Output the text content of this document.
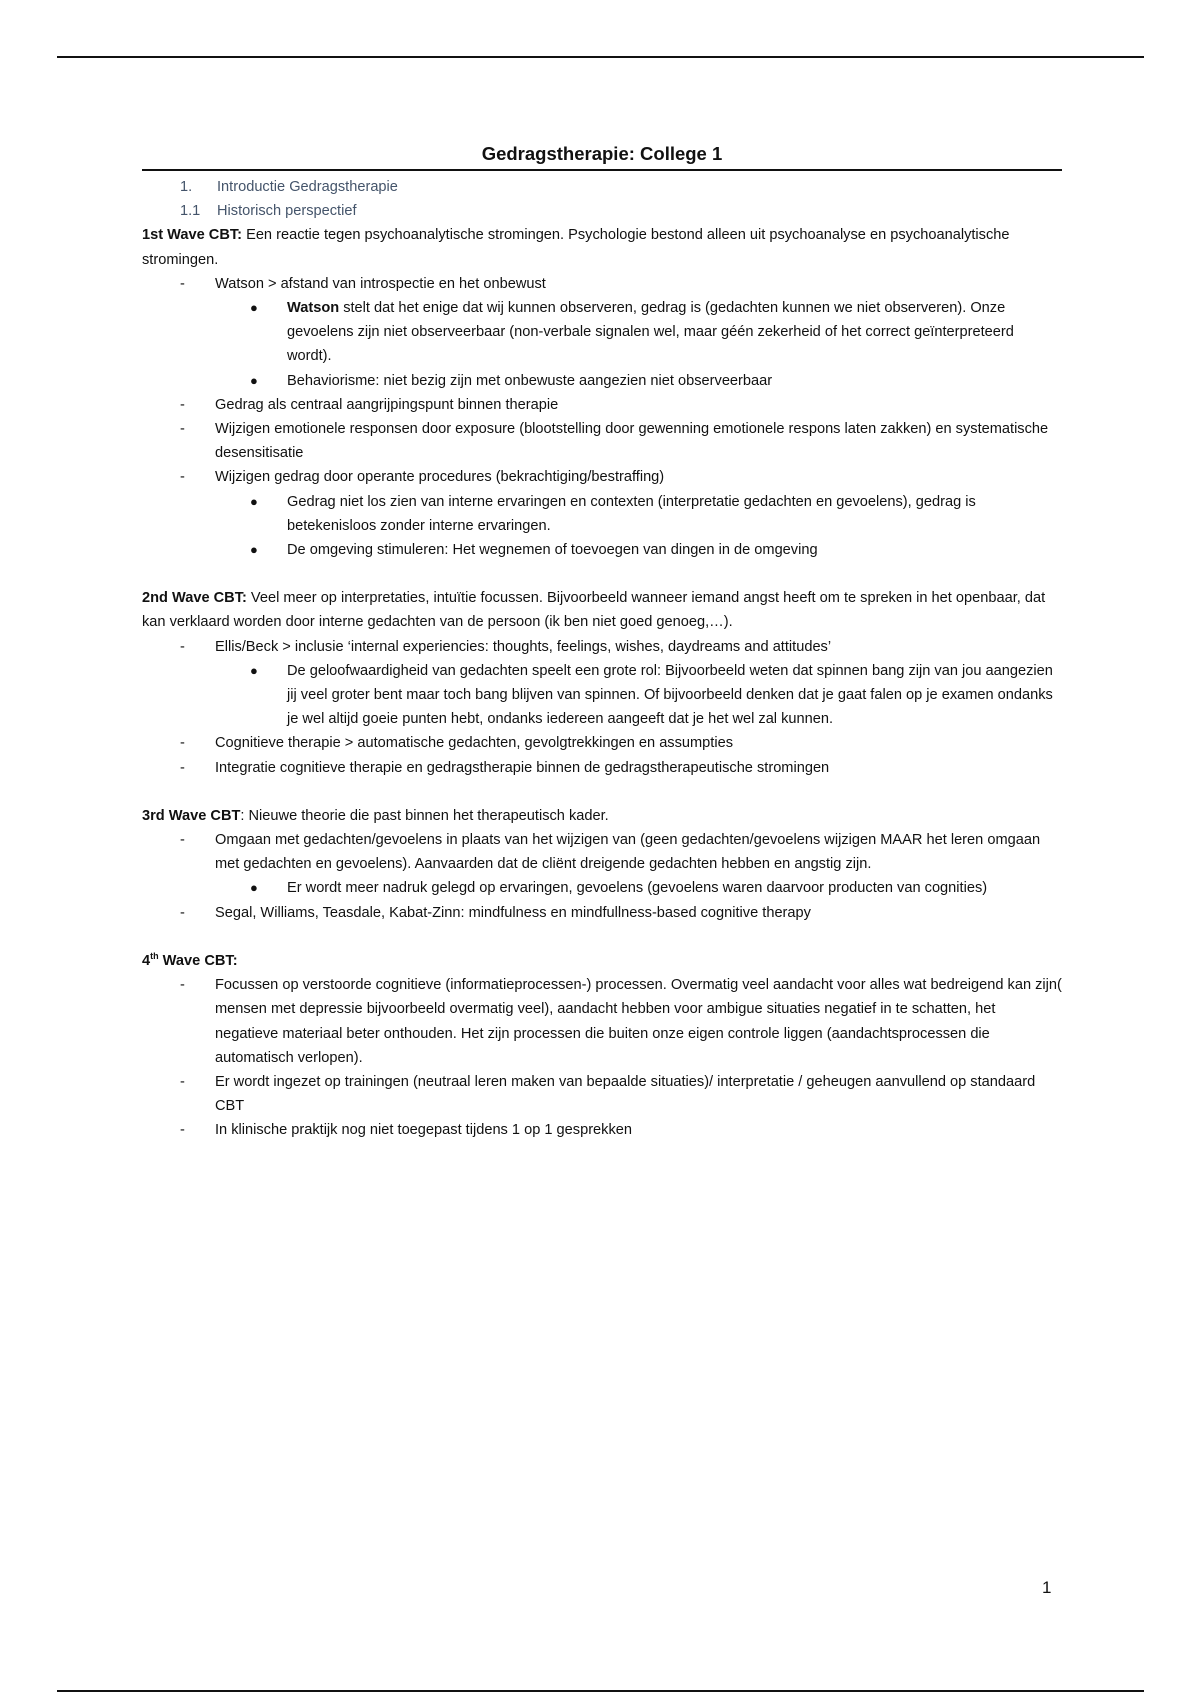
Gedragstherapie: College 1
1.	Introductie Gedragstherapie
1.1	Historisch perspectief

1st Wave CBT: Een reactie tegen psychoanalytische stromingen. Psychologie bestond alleen uit psychoanalyse en psychoanalytische stromingen.

-	Watson > afstand van introspectie en het onbewust
●	Watson stelt dat het enige dat wij kunnen observeren, gedrag is (gedachten kunnen we niet observeren). Onze gevoelens zijn niet observeerbaar (non-verbale signalen wel, maar géén zekerheid of het correct geïnterpreteerd wordt).
●	Behaviorisme: niet bezig zijn met onbewuste aangezien niet observeerbaar
-	Gedrag als centraal aangrijpingspunt binnen therapie
-	Wijzigen emotionele responsen door exposure (blootstelling door gewenning emotionele respons laten zakken) en systematische desensitisatie
-	Wijzigen gedrag door operante procedures (bekrachtiging/bestraffing)
●	Gedrag niet los zien van interne ervaringen en contexten (interpretatie gedachten en gevoelens), gedrag is betekenisloos zonder interne ervaringen.
●	De omgeving stimuleren: Het wegnemen of toevoegen van dingen in de omgeving

2nd Wave CBT: Veel meer op interpretaties, intuïtie focussen. Bijvoorbeeld wanneer iemand angst heeft om te spreken in het openbaar, dat kan verklaard worden door interne gedachten van de persoon (ik ben niet goed genoeg,…).

-	Ellis/Beck > inclusie ‘internal experiencies: thoughts, feelings, wishes, daydreams and attitudes’
●	De geloofwaardigheid van gedachten speelt een grote rol: Bijvoorbeeld weten dat spinnen bang zijn van jou aangezien jij veel groter bent maar toch bang blijven van spinnen. Of bijvoorbeeld denken dat je gaat falen op je examen ondanks je wel altijd goeie punten hebt, ondanks iedereen aangeeft dat je het wel zal kunnen.
-	Cognitieve therapie > automatische gedachten, gevolgtrekkingen en assumpties
-	Integratie cognitieve therapie en gedragstherapie binnen de gedragstherapeutische stromingen

3rd Wave CBT: Nieuwe theorie die past binnen het therapeutisch kader.

-	Omgaan met gedachten/gevoelens in plaats van het wijzigen van (geen gedachten/gevoelens wijzigen MAAR het leren omgaan met gedachten en gevoelens). Aanvaarden dat de cliënt dreigende gedachten hebben en angstig zijn.
●	Er wordt meer nadruk gelegd op ervaringen, gevoelens (gevoelens waren daarvoor producten van cognities)
-	Segal, Williams, Teasdale, Kabat-Zinn: mindfulness en mindfullness-based cognitive therapy

4th Wave CBT:

-	Focussen op verstoorde cognitieve (informatieprocessen-) processen. Overmatig veel aandacht voor alles wat bedreigend kan zijn( mensen met depressie bijvoorbeeld overmatig veel), aandacht hebben voor ambigue situaties negatief in te schatten, het negatieve materiaal beter onthouden. Het zijn processen die buiten onze eigen controle liggen (aandachtsprocessen die automatisch verlopen).
-	Er wordt ingezet op trainingen (neutraal leren maken van bepaalde situaties)/ interpretatie / geheugen aanvullend op standaard CBT
-	In klinische praktijk nog niet toegepast tijdens 1 op 1 gesprekken
1
